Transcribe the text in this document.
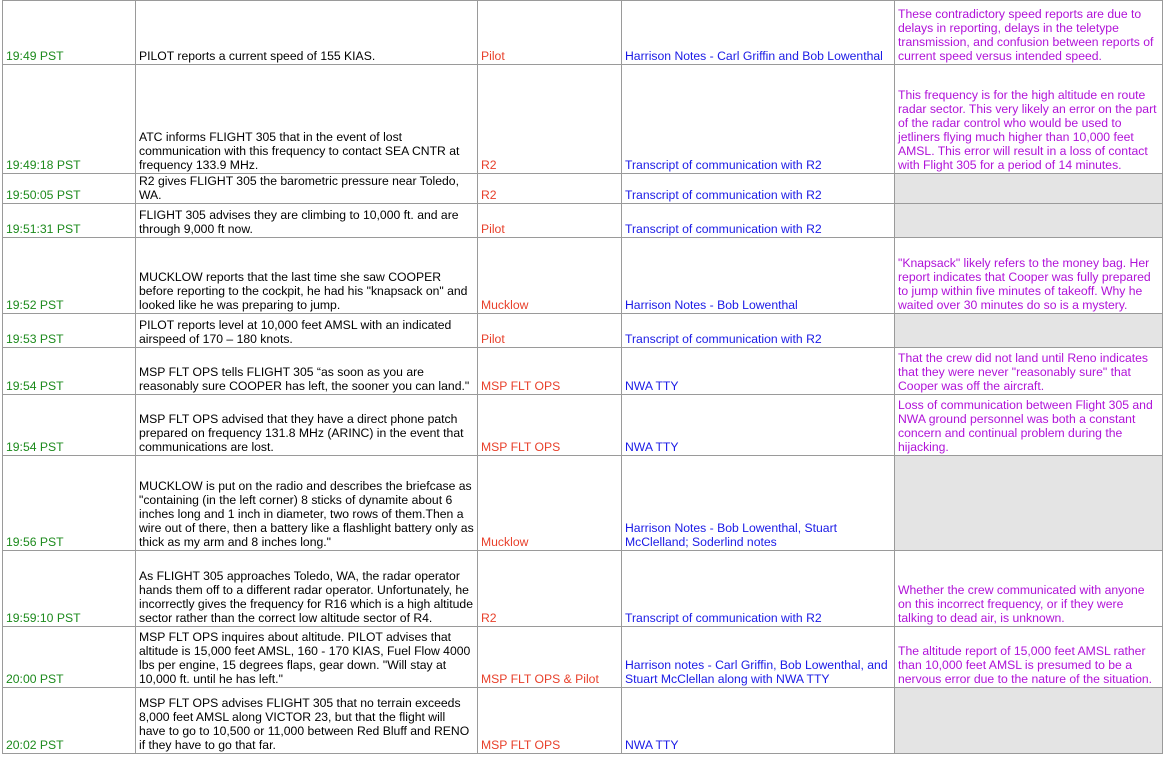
19:49 PST	PILOT reports a current speed of 155 KIAS.	Pilot	Harrison Notes - Carl Griffin and Bob Lowenthal	These contradictory speed reports are due to delays in reporting, delays in the teletype transmission, and confusion between reports of current speed versus intended speed.
19:49:18 PST	ATC informs FLIGHT 305 that in the event of lost communication with this frequency to contact SEA CNTR at frequency 133.9 MHz.	R2	Transcript of communication with R2	This frequency is for the high altitude en route radar sector. This very likely an error on the part of the radar control who would be used to jetliners flying much higher than 10,000 feet AMSL. This error will result in a loss of contact with Flight 305 for a period of 14 minutes.
19:50:05 PST	R2 gives FLIGHT 305 the barometric pressure near Toledo, WA.	R2	Transcript of communication with R2	
19:51:31 PST	FLIGHT 305 advises they are climbing to 10,000 ft. and are through 9,000 ft now.	Pilot	Transcript of communication with R2	
19:52 PST	MUCKLOW reports that the last time she saw COOPER before reporting to the cockpit, he had his "knapsack on" and looked like he was preparing to jump.	Mucklow	Harrison Notes - Bob Lowenthal	"Knapsack" likely refers to the money bag. Her report indicates that Cooper was fully prepared to jump within five minutes of takeoff. Why he waited over 30 minutes do so is a mystery.
19:53 PST	PILOT reports level at 10,000 feet AMSL with an indicated airspeed of 170 – 180 knots.	Pilot	Transcript of communication with R2	
19:54 PST	MSP FLT OPS tells FLIGHT 305 “as soon as you are reasonably sure COOPER has left, the sooner you can land."	MSP FLT OPS	NWA TTY	That the crew did not land until Reno indicates that they were never "reasonably sure" that Cooper was off the aircraft.
19:54 PST	MSP FLT OPS advised that they have a direct phone patch prepared on frequency 131.8 MHz (ARINC) in the event that communications are lost.	MSP FLT OPS	NWA TTY	Loss of communication between Flight 305 and NWA ground personnel was both a constant concern and continual problem during the hijacking.
19:56 PST	MUCKLOW is put on the radio and describes the briefcase as "containing (in the left corner) 8 sticks of dynamite about 6 inches long and 1 inch in diameter, two rows of them.Then a wire out of there, then a battery like a flashlight battery only as thick as my arm and 8 inches long."	Mucklow	Harrison Notes - Bob Lowenthal, Stuart McClelland; Soderlind notes	
19:59:10 PST	As FLIGHT 305 approaches Toledo, WA, the radar operator hands them off to a different radar operator. Unfortunately, he incorrectly gives the frequency for R16 which is a high altitude sector rather than the correct low altitude sector of R4.	R2	Transcript of communication with R2	Whether the crew communicated with anyone on this incorrect frequency, or if they were talking to dead air, is unknown.
20:00 PST	MSP FLT OPS inquires about altitude. PILOT advises that altitude is 15,000 feet AMSL, 160 - 170 KIAS, Fuel Flow 4000 lbs per engine, 15 degrees flaps, gear down. "Will stay at 10,000 ft. until he has left."	MSP FLT OPS & Pilot	Harrison notes - Carl Griffin, Bob Lowenthal, and Stuart McClellan along with NWA TTY	The altitude report of 15,000 feet AMSL rather than 10,000 feet AMSL is presumed to be a nervous error due to the nature of the situation.
20:02 PST	MSP FLT OPS advises FLIGHT 305 that no terrain exceeds 8,000 feet AMSL along VICTOR 23, but that the flight will have to go to 10,500 or 11,000 between Red Bluff and RENO if they have to go that far.	MSP FLT OPS	NWA TTY	
